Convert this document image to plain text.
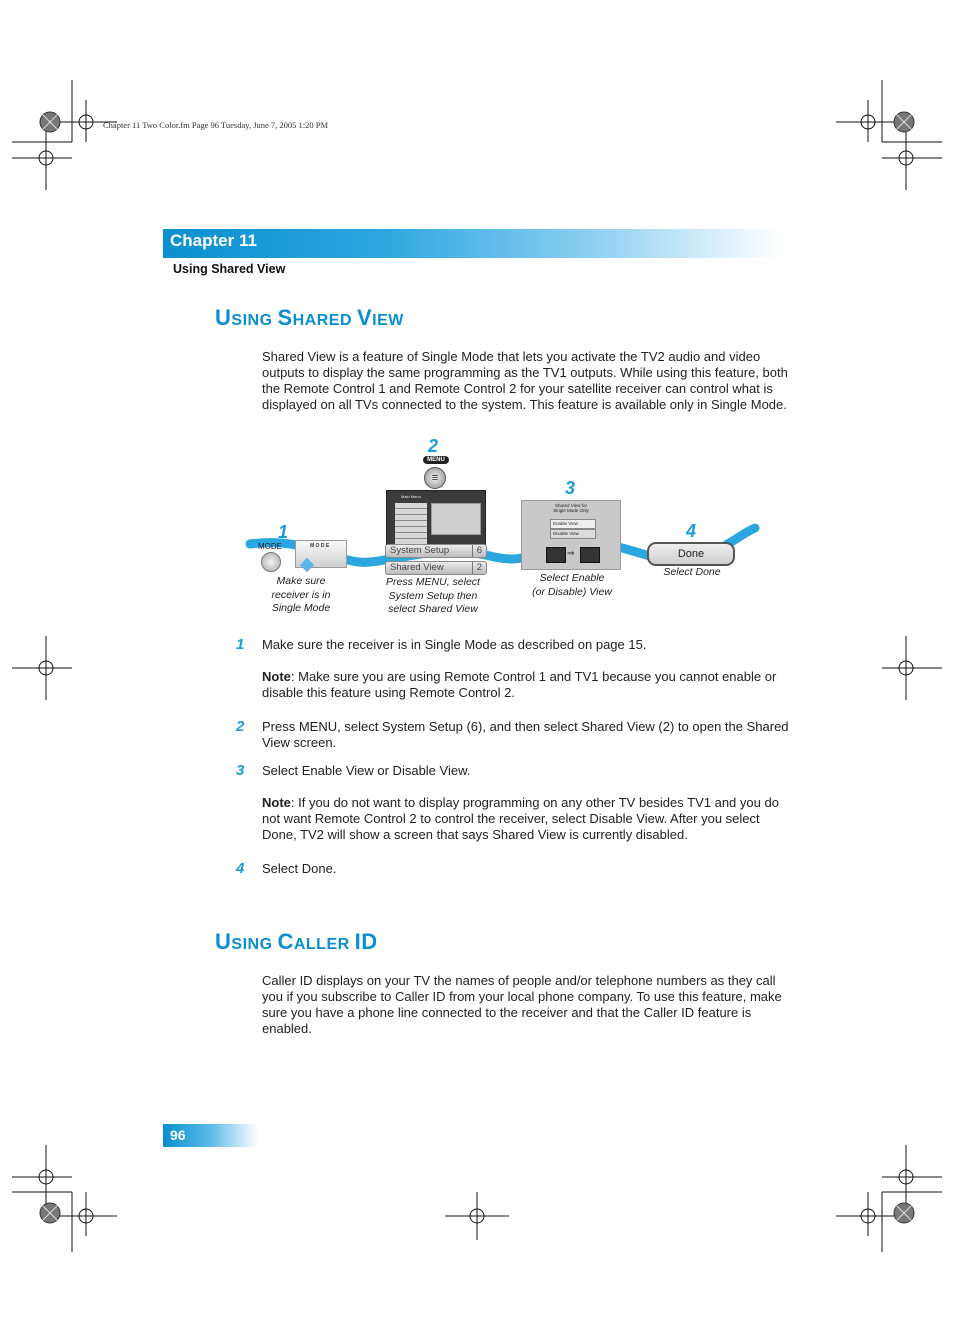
Chapter 11 Two Color.fm Page 96 Tuesday, June 7, 2005 1:20 PM
Chapter 11
Using Shared View
USING SHARED VIEW
Shared View is a feature of Single Mode that lets you activate the TV2 audio and video outputs to display the same programming as the TV1 outputs. While using this feature, both the Remote Control 1 and Remote Control 2 for your satellite receiver can control what is displayed on all TVs connected to the system. This feature is available only in Single Mode.
1
MODE	M O D E
Make sure
receiver is in
Single Mode
2
MENU
≡
Main Menu
System Setup	6
Shared View	2
Press MENU, select
System Setup then
select Shared View
3
Shared View for
Single Mode Only
Enable View
Disable View
⇒
Select Enable
(or Disable) View
4
Done
Select Done
1 Make sure the receiver is in Single Mode as described on page 15.
Note: Make sure you are using Remote Control 1 and TV1 because you cannot enable or disable this feature using Remote Control 2.
2 Press MENU, select System Setup (6), and then select Shared View (2) to open the Shared View screen.
3 Select Enable View or Disable View.
Note: If you do not want to display programming on any other TV besides TV1 and you do not want Remote Control 2 to control the receiver, select Disable View. After you select Done, TV2 will show a screen that says Shared View is currently disabled.
4 Select Done.
USING CALLER ID
Caller ID displays on your TV the names of people and/or telephone numbers as they call you if you subscribe to Caller ID from your local phone company. To use this feature, make sure you have a phone line connected to the receiver and that the Caller ID feature is enabled.
96
